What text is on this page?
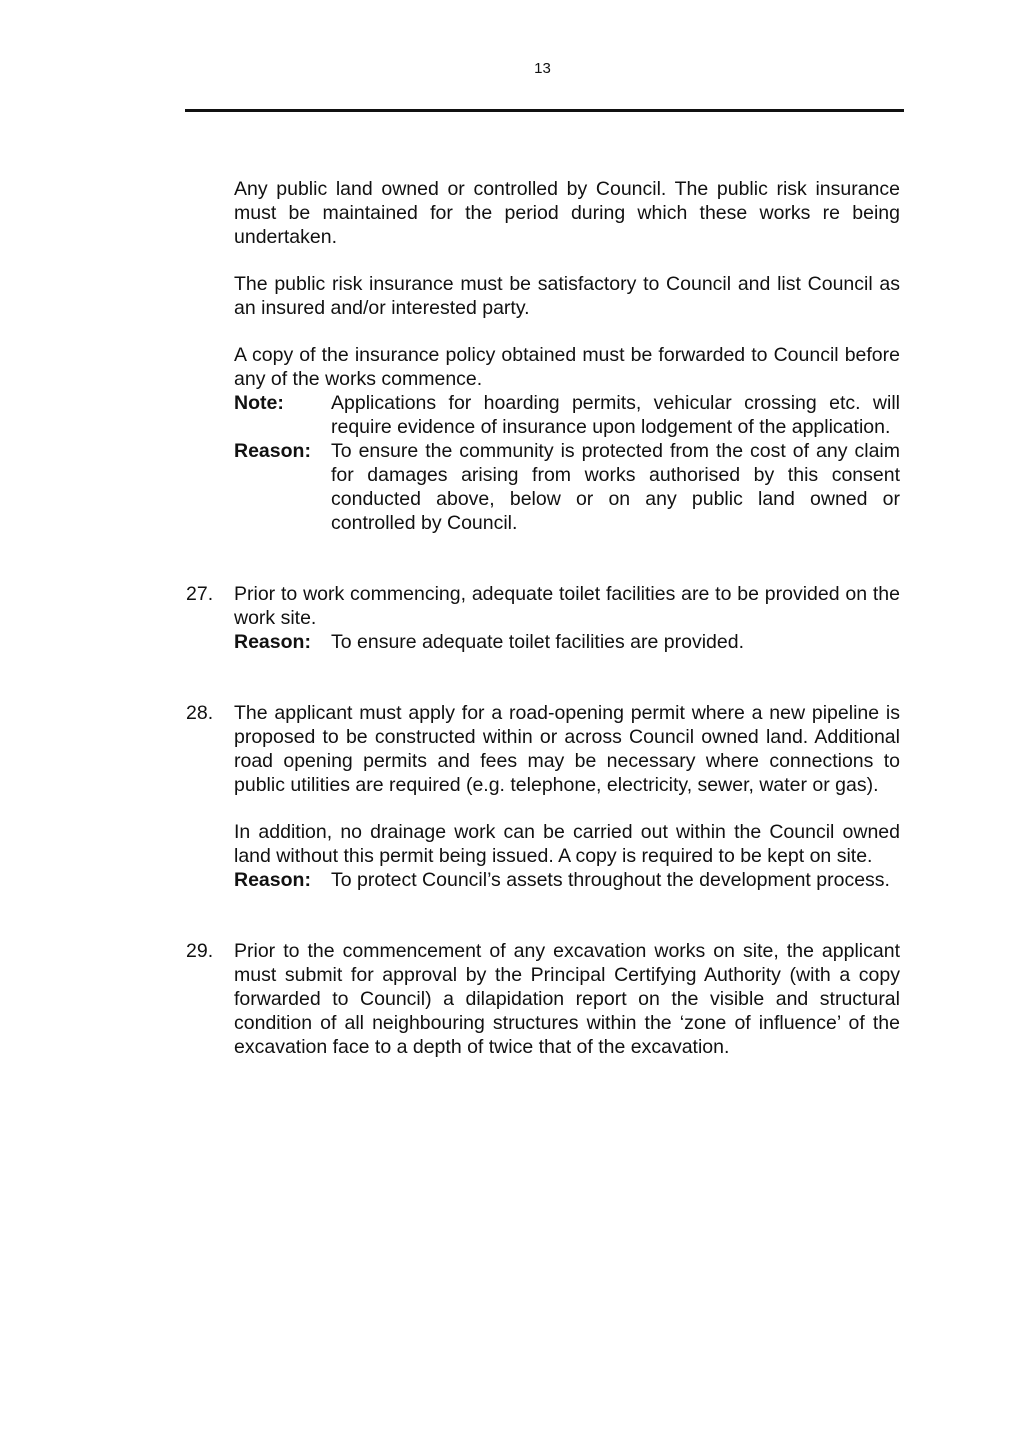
13
Any public land owned or controlled by Council. The public risk insurance must be maintained for the period during which these works re being undertaken.
The public risk insurance must be satisfactory to Council and list Council as an insured and/or interested party.
A copy of the insurance policy obtained must be forwarded to Council before any of the works commence.
Note:	Applications for hoarding permits, vehicular crossing etc. will require evidence of insurance upon lodgement of the application.
Reason:	To ensure the community is protected from the cost of any claim for damages arising from works authorised by this consent conducted above, below or on any public land owned or controlled by Council.
27.	Prior to work commencing, adequate toilet facilities are to be provided on the work site.
Reason:	To ensure adequate toilet facilities are provided.
28.	The applicant must apply for a road-opening permit where a new pipeline is proposed to be constructed within or across Council owned land. Additional road opening permits and fees may be necessary where connections to public utilities are required (e.g. telephone, electricity, sewer, water or gas).
In addition, no drainage work can be carried out within the Council owned land without this permit being issued. A copy is required to be kept on site.
Reason:	To protect Council’s assets throughout the development process.
29.	Prior to the commencement of any excavation works on site, the applicant must submit for approval by the Principal Certifying Authority (with a copy forwarded to Council) a dilapidation report on the visible and structural condition of all neighbouring structures within the ‘zone of influence’ of the excavation face to a depth of twice that of the excavation.
